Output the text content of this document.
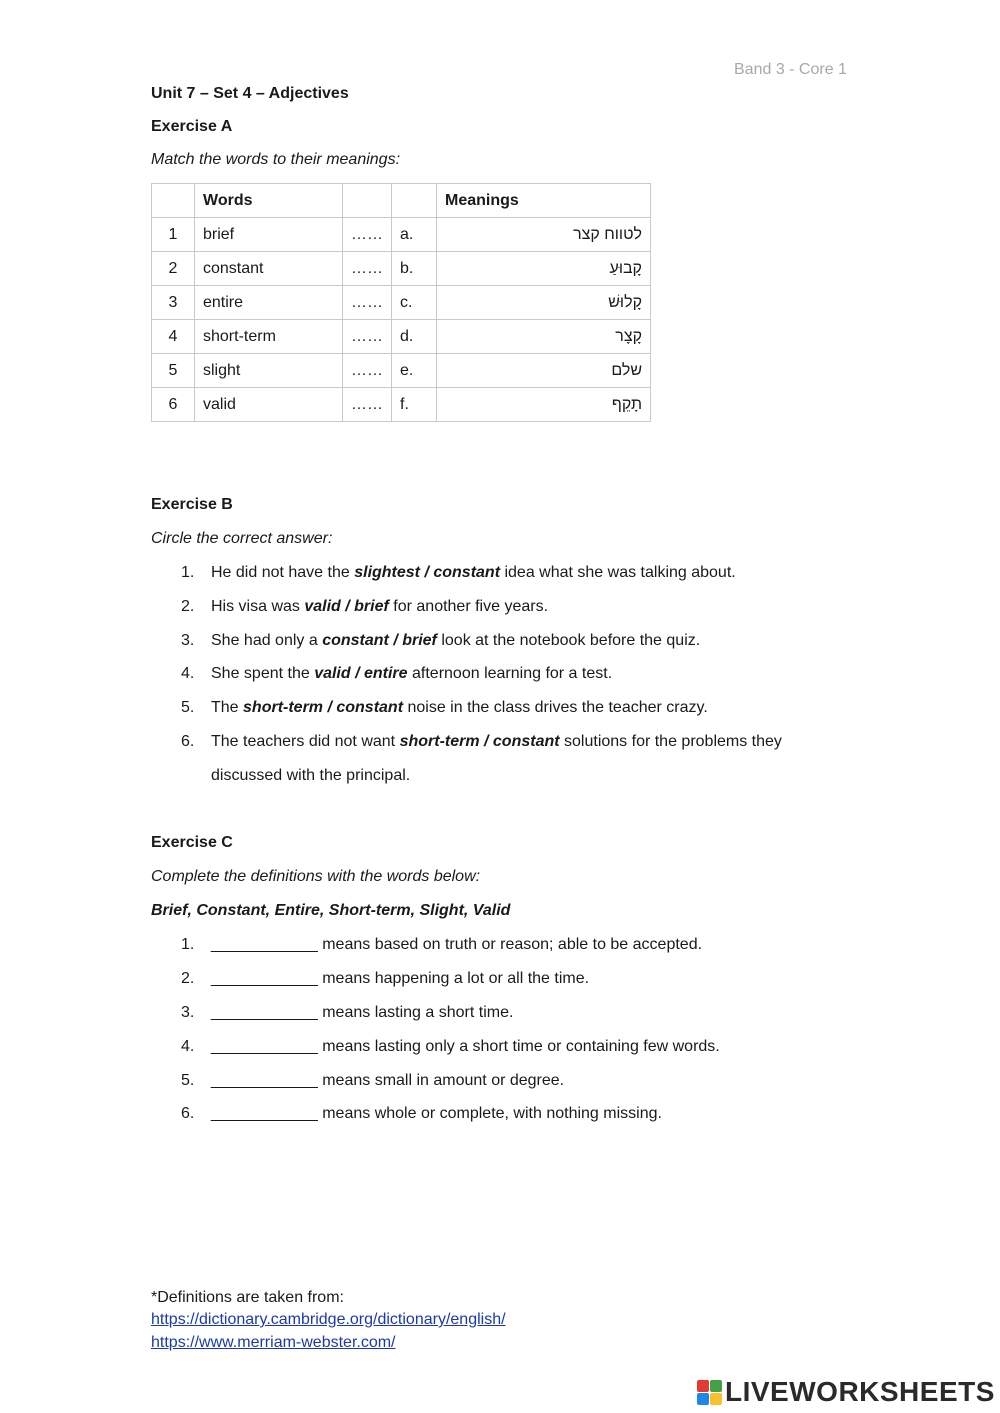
Band 3 - Core 1
Unit 7 – Set 4 – Adjectives
Exercise A
Match the words to their meanings:
	Words			Meanings
1	brief	……	a.	לטווח קצר
2	constant	……	b.	קָבוּעַ
3	entire	……	c.	קָלוּשׁ
4	short-term	……	d.	קָצָר
5	slight	……	e.	שלם
6	valid	……	f.	תָקֵף
Exercise B
Circle the correct answer:
1. He did not have the slightest / constant idea what she was talking about.
2. His visa was valid / brief for another five years.
3. She had only a constant / brief look at the notebook before the quiz.
4. She spent the valid / entire afternoon learning for a test.
5. The short-term / constant noise in the class drives the teacher crazy.
6. The teachers did not want short-term / constant solutions for the problems they
discussed with the principal.
Exercise C
Complete the definitions with the words below:
Brief, Constant, Entire, Short-term, Slight, Valid
1. ____________ means based on truth or reason; able to be accepted.
2. ____________ means happening a lot or all the time.
3. ____________ means lasting a short time.
4. ____________ means lasting only a short time or containing few words.
5. ____________ means small in amount or degree.
6. ____________ means whole or complete, with nothing missing.
*Definitions are taken from:
https://dictionary.cambridge.org/dictionary/english/
https://www.merriam-webster.com/
LIVEWORKSHEETS
